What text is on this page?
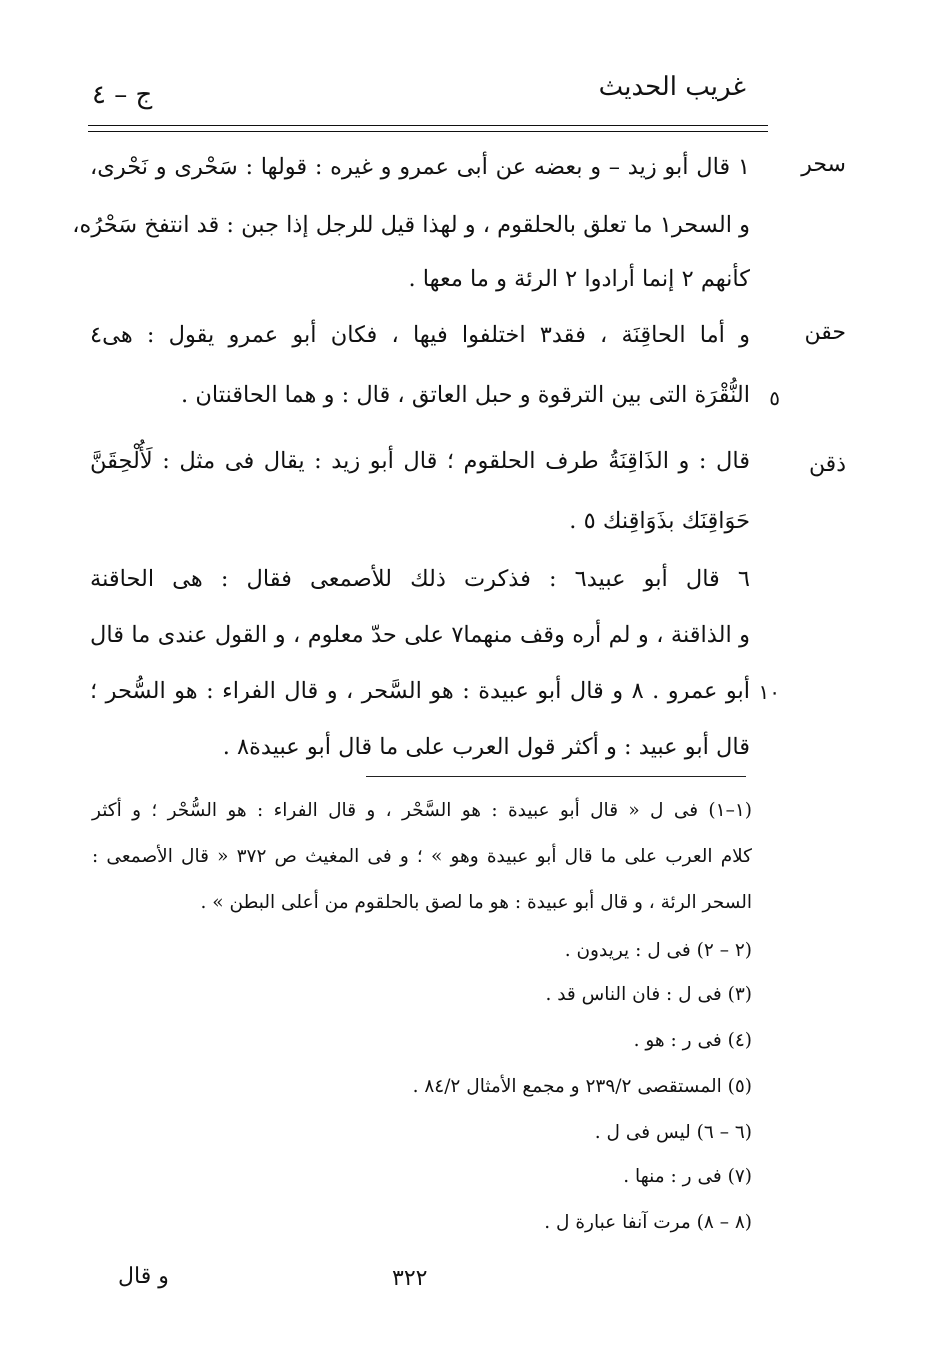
غريب الحديث
ج – ٤
سحر
حقن
ذقن
٥
١٠
١ قال أبو زيد – و بعضه عن أبى عمرو و غيره : قولها : سَحْرى و نَحْرى،
و السحر١ ما تعلق بالحلقوم ، و لهذا قيل للرجل إذا جبن : قد انتفخ سَحْرُه،
كأنهم ٢ إنما أرادوا ٢ الرئة و ما معها .
و أما الحاقِنَة ، فقد٣ اختلفوا فيها ، فكان أبو عمرو يقول : هى٤
النُّقْرَة التى بين الترقوة و حبل العاتق ، قال : و هما الحاقنتان .
قال : و الذَاقِنَةُ طرف الحلقوم ؛ قال أبو زيد : يقال فى مثل : لَأُلْحِقَنَّ
حَوَاقِنَك بذَوَاقِنك ٥ .
٦ قال أبو عبيد٦ : فذكرت ذلك للأصمعى فقال : هى الحاقنة
و الذاقنة ، و لم أره وقف منهما٧ على حدّ معلوم ، و القول عندى ما قال
أبو عمرو . ٨ و قال أبو عبيدة : هو السَّحر ، و قال الفراء : هو السُّحر ؛
قال أبو عبيد : و أكثر قول العرب على ما قال أبو عبيدة٨ .
(١–١) فى ل « قال أبو عبيدة : هو السَّحْر ، و قال الفراء : هو السُّحْر ؛ و أكثر
كلام العرب على ما قال أبو عبيدة وهو » ؛ و فى المغيث ص ٣٧٢ « قال الأصمعى :
السحر الرئة ، و قال أبو عبيدة : هو ما لصق بالحلقوم من أعلى البطن » .
(٢ – ٢) فى ل : يريدون .
(٣) فى ل : فان الناس قد .
(٤) فى ر : هو .
(٥) المستقصى ٢٣٩/٢ و مجمع الأمثال ٨٤/٢ .
(٦ – ٦) ليس فى ل .
(٧) فى ر : منها .
(٨ – ٨) مرت آنفا عبارة ل .
٣٢٢
و قال
